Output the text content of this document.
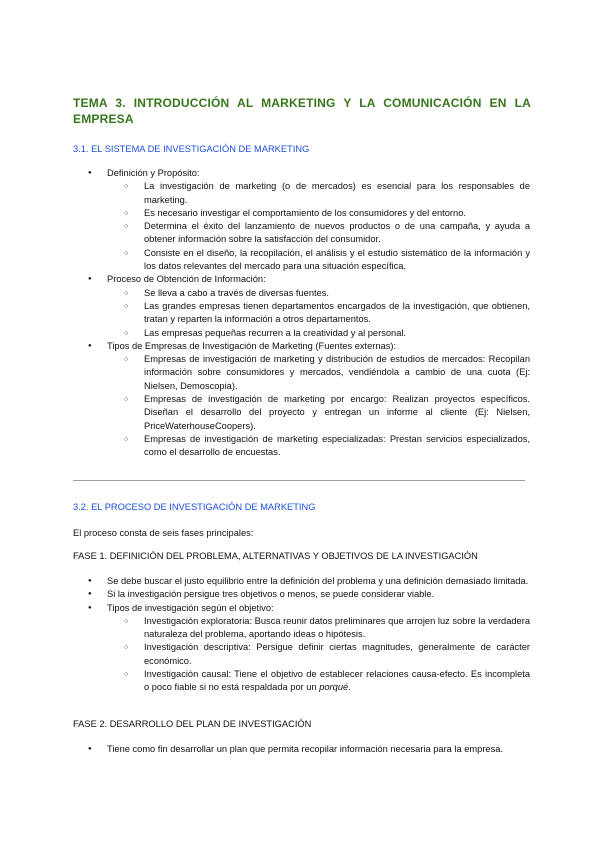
TEMA 3. INTRODUCCIÓN AL MARKETING Y LA COMUNICACIÓN EN LA EMPRESA
3.1. EL SISTEMA DE INVESTIGACIÓN DE MARKETING
● Definición y Propósito:
○ La investigación de marketing (o de mercados) es esencial para los responsables de marketing.
○ Es necesario investigar el comportamiento de los consumidores y del entorno.
○ Determina el éxito del lanzamiento de nuevos productos o de una campaña, y ayuda a obtener información sobre la satisfacción del consumidor.
○ Consiste en el diseño, la recopilación, el análisis y el estudio sistemático de la información y los datos relevantes del mercado para una situación específica.
● Proceso de Obtención de Información:
○ Se lleva a cabo a través de diversas fuentes.
○ Las grandes empresas tienen departamentos encargados de la investigación, que obtienen, tratan y reparten la información a otros departamentos.
○ Las empresas pequeñas recurren a la creatividad y al personal.
● Tipos de Empresas de Investigación de Marketing (Fuentes externas):
○ Empresas de investigación de marketing y distribución de estudios de mercados: Recopilan información sobre consumidores y mercados, vendiéndola a cambio de una cuota (Ej: Nielsen, Demoscopia).
○ Empresas de investigación de marketing por encargo: Realizan proyectos específicos. Diseñan el desarrollo del proyecto y entregan un informe al cliente (Ej: Nielsen, PriceWaterhouseCoopers).
○ Empresas de investigación de marketing especializadas: Prestan servicios especializados, como el desarrollo de encuestas.
3.2. EL PROCESO DE INVESTIGACIÓN DE MARKETING
El proceso consta de seis fases principales:
FASE 1. DEFINICIÓN DEL PROBLEMA, ALTERNATIVAS Y OBJETIVOS DE LA INVESTIGACIÓN
● Se debe buscar el justo equilibrio entre la definición del problema y una definición demasiado limitada.
● Si la investigación persigue tres objetivos o menos, se puede considerar viable.
● Tipos de investigación según el objetivo:
○ Investigación exploratoria: Busca reunir datos preliminares que arrojen luz sobre la verdadera naturaleza del problema, aportando ideas o hipótesis.
○ Investigación descriptiva: Persigue definir ciertas magnitudes, generalmente de carácter económico.
○ Investigación causal: Tiene el objetivo de establecer relaciones causa-efecto. Es incompleta o poco fiable si no está respaldada por un porqué.
FASE 2. DESARROLLO DEL PLAN DE INVESTIGACIÓN
● Tiene como fin desarrollar un plan que permita recopilar información necesaria para la empresa.
